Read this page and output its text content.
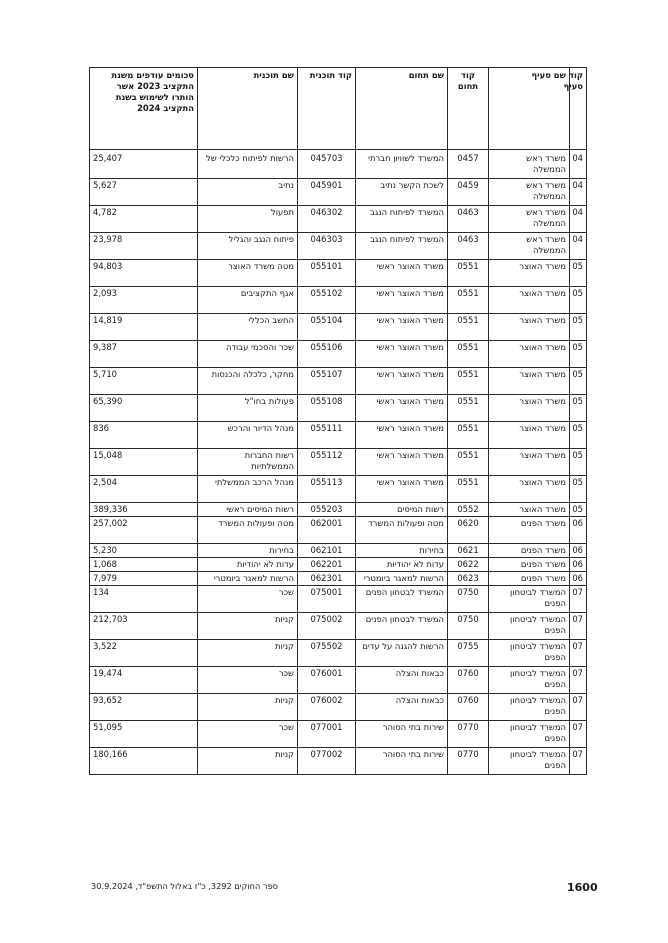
קוד סעיף	שם סעיף	קוד תחום	שם תחום	קוד תוכנית	שם תוכנית	סכומים עודפים משנת התקציב 2023 אשר הותרו לשימוש בשנת התקציב 2024
04	משרד ראש הממשלה	0457	המשרד לשוויון חברתי	045703	הרשות לפיתוח כלכלי של	25,407
04	משרד ראש הממשלה	0459	לשכת הקשר נתיב	045901	נתיב	5,627
04	משרד ראש הממשלה	0463	המשרד לפיתוח הנגב	046302	תפעול	4,782
04	משרד ראש הממשלה	0463	המשרד לפיתוח הנגב	046303	פיתוח הנגב והגליל	23,978
05	משרד האוצר	0551	משרד האוצר ראשי	055101	מטה משרד האוצר	94,803
05	משרד האוצר	0551	משרד האוצר ראשי	055102	אגף התקציבים	2,093
05	משרד האוצר	0551	משרד האוצר ראשי	055104	החשב הכללי	14,819
05	משרד האוצר	0551	משרד האוצר ראשי	055106	שכר והסכמי עבודה	9,387
05	משרד האוצר	0551	משרד האוצר ראשי	055107	מחקר, כלכלה והכנסות	5,710
05	משרד האוצר	0551	משרד האוצר ראשי	055108	פעולות בחו"ל	65,390
05	משרד האוצר	0551	משרד האוצר ראשי	055111	מנהל הדיור והרכש	836
05	משרד האוצר	0551	משרד האוצר ראשי	055112	רשות החברות הממשלתיות	15,048
05	משרד האוצר	0551	משרד האוצר ראשי	055113	מנהל הרכב הממשלתי	2,504
05	משרד האוצר	0552	רשות המיסים	055203	רשות המיסים ראשי	389,336
06	משרד הפנים	0620	מטה ופעולות המשרד	062001	מטה ופעולות המשרד	257,002
06	משרד הפנים	0621	בחירות	062101	בחירות	5,230
06	משרד הפנים	0622	עדות לא יהודיות	062201	עדות לא יהודיות	1,068
06	משרד הפנים	0623	הרשות למאגר ביומטרי	062301	הרשות למאגר ביומטרי	7,979
07	המשרד לביטחון הפנים	0750	המשרד לבטחון הפנים	075001	שכר	134
07	המשרד לביטחון הפנים	0750	המשרד לבטחון הפנים	075002	קניות	212,703
07	המשרד לביטחון הפנים	0755	הרשות להגנה על עדים	075502	קניות	3,522
07	המשרד לביטחון הפנים	0760	כבאות והצלה	076001	שכר	19,474
07	המשרד לביטחון הפנים	0760	כבאות והצלה	076002	קניות	93,652
07	המשרד לביטחון הפנים	0770	שירות בתי הסוהר	077001	שכר	51,095
07	המשרד לביטחון הפנים	0770	שירות בתי הסוהר	077002	קניות	180,166
ספר החוקים 3292, כ"ז באלול התשפ"ד, 30.9.2024	1600
